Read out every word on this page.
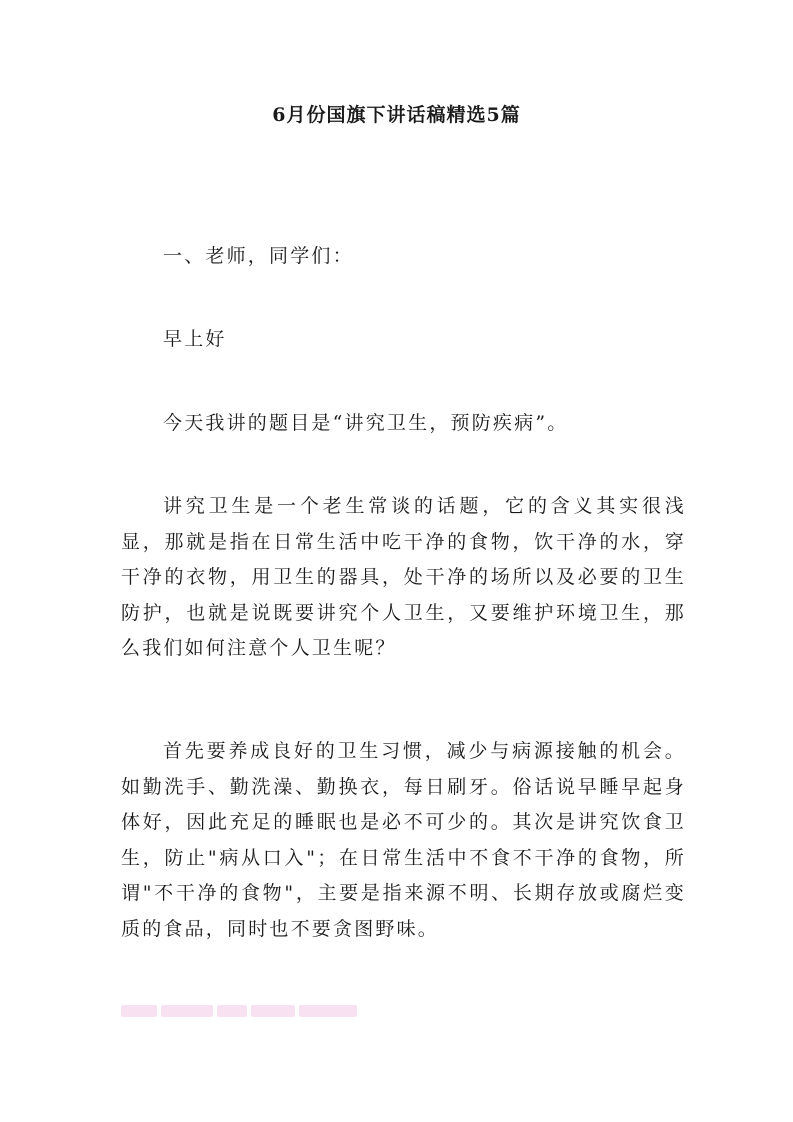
6月份国旗下讲话稿精选5篇

一、老师，同学们：

早上好

今天我讲的题目是“讲究卫生，预防疾病”。

讲究卫生是一个老生常谈的话题，它的含义其实很浅显，那就是指在日常生活中吃干净的食物，饮干净的水，穿干净的衣物，用卫生的器具，处干净的场所以及必要的卫生防护，也就是说既要讲究个人卫生，又要维护环境卫生，那么我们如何注意个人卫生呢？

首先要养成良好的卫生习惯，减少与病源接触的机会。如勤洗手、勤洗澡、勤换衣，每日刷牙。俗话说早睡早起身体好，因此充足的睡眠也是必不可少的。其次是讲究饮食卫生，防止"病从口入"；在日常生活中不食不干净的食物，所谓"不干净的食物"，主要是指来源不明、长期存放或腐烂变质的食品，同时也不要贪图野味。
